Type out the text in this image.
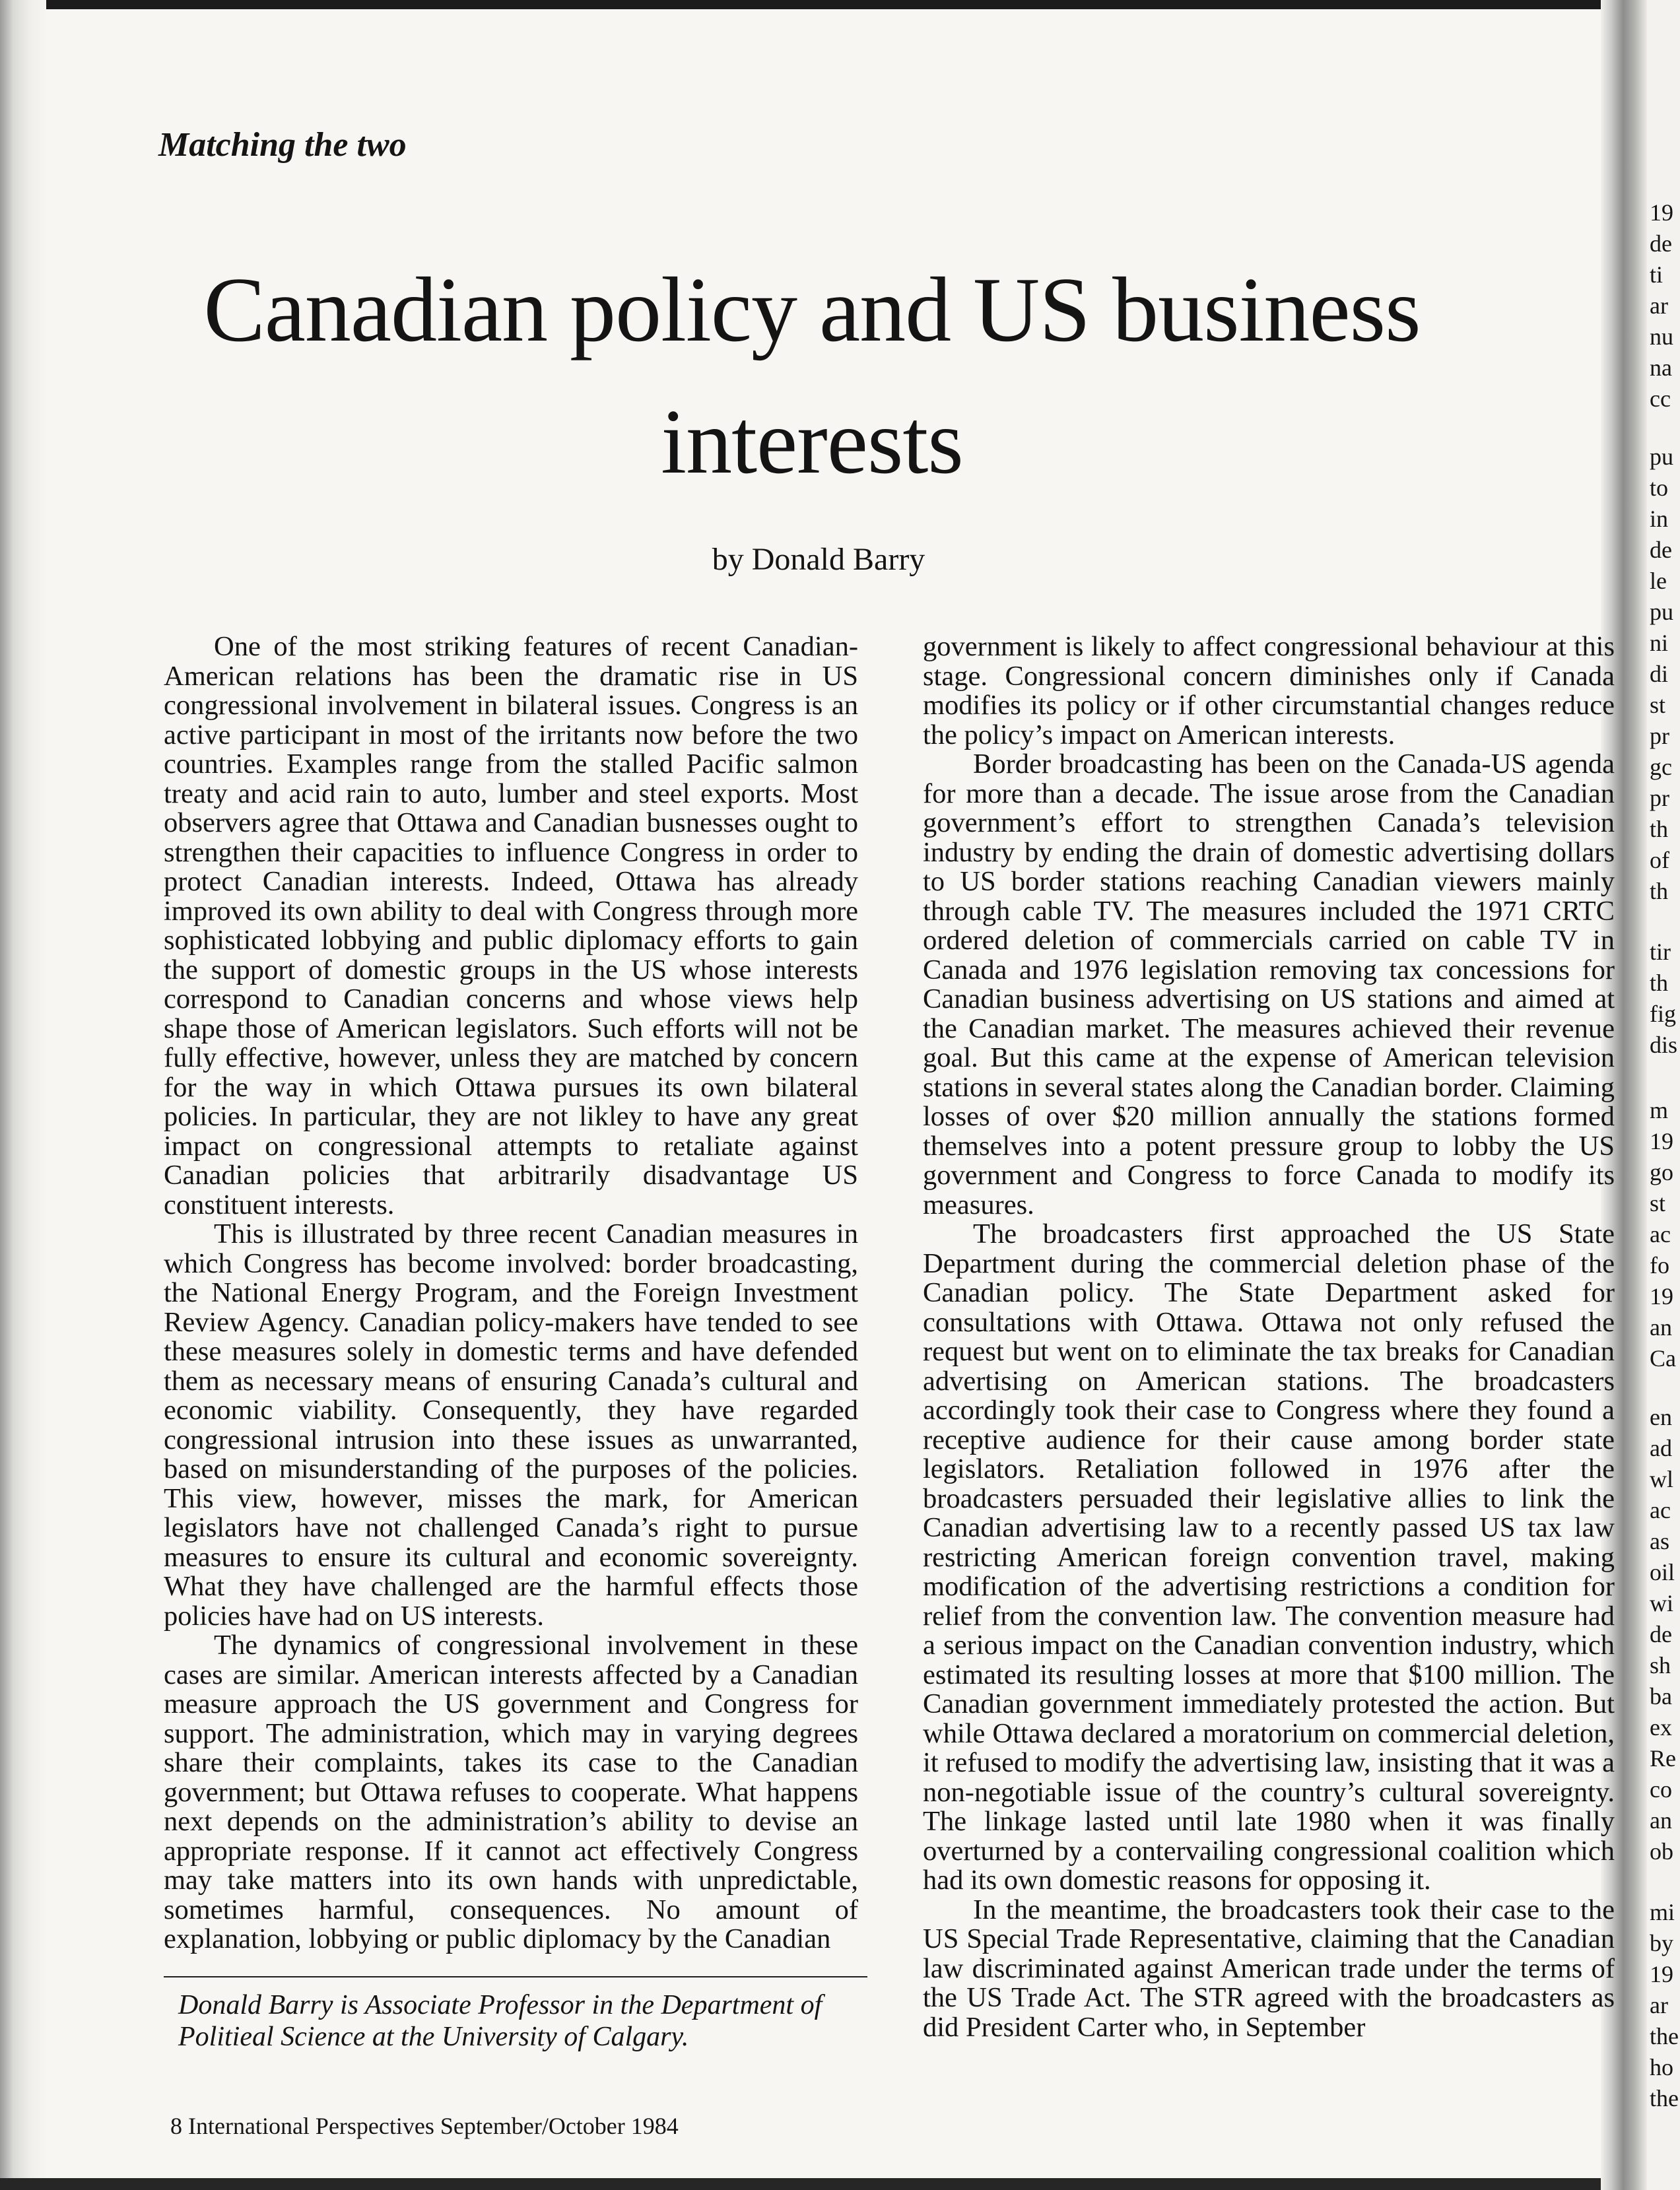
19
de
ti
ar
nu
na
cc
pu
to
in
de
le
pu
ni
di
st
pr
gc
pr
th
of
th
tir
th
fig
dis
m
19
go
st
ac
fo
19
an
Ca
en
ad
wl
ac
as
oil
wi
de
sh
ba
ex
Re
co
an
ob
mi
by
19
ar
the
ho
the

Matching the two

Canadian policy and US business interests

by Donald Barry

One of the most striking features of recent Canadian-American relations has been the dramatic rise in US congressional involvement in bilateral issues. Congress is an active participant in most of the irritants now before the two countries. Examples range from the stalled Pacific salmon treaty and acid rain to auto, lumber and steel exports. Most observers agree that Ottawa and Canadian busnesses ought to strengthen their capacities to influence Congress in order to protect Canadian interests. Indeed, Ottawa has already improved its own ability to deal with Congress through more sophisticated lobbying and public diplomacy efforts to gain the support of domestic groups in the US whose interests correspond to Canadian concerns and whose views help shape those of American legislators. Such efforts will not be fully effective, however, unless they are matched by concern for the way in which Ottawa pursues its own bilateral policies. In particular, they are not likley to have any great impact on congressional attempts to retaliate against Canadian policies that arbitrarily disadvantage US constituent interests.

This is illustrated by three recent Canadian measures in which Congress has become involved: border broadcasting, the National Energy Program, and the Foreign Investment Review Agency. Canadian policy-makers have tended to see these measures solely in domestic terms and have defended them as necessary means of ensuring Canada’s cultural and economic viability. Consequently, they have regarded congressional intrusion into these issues as unwarranted, based on misunderstanding of the purposes of the policies. This view, however, misses the mark, for American legislators have not challenged Canada’s right to pursue measures to ensure its cultural and economic sovereignty. What they have challenged are the harmful effects those policies have had on US interests.

The dynamics of congressional involvement in these cases are similar. American interests affected by a Canadian measure approach the US government and Congress for support. The administration, which may in varying degrees share their complaints, takes its case to the Canadian government; but Ottawa refuses to cooperate. What happens next depends on the administration’s ability to devise an appropriate response. If it cannot act effectively Congress may take matters into its own hands with unpredictable, sometimes harmful, consequences. No amount of explanation, lobbying or public diplomacy by the Canadian

government is likely to affect congressional behaviour at this stage. Congressional concern diminishes only if Canada modifies its policy or if other circumstantial changes reduce the policy’s impact on American interests.

Border broadcasting has been on the Canada-US agenda for more than a decade. The issue arose from the Canadian government’s effort to strengthen Canada’s television industry by ending the drain of domestic advertising dollars to US border stations reaching Canadian viewers mainly through cable TV. The measures included the 1971 CRTC ordered deletion of commercials carried on cable TV in Canada and 1976 legislation removing tax concessions for Canadian business advertising on US stations and aimed at the Canadian market. The measures achieved their revenue goal. But this came at the expense of American television stations in several states along the Canadian border. Claiming losses of over $20 million annually the stations formed themselves into a potent pressure group to lobby the US government and Congress to force Canada to modify its measures.

The broadcasters first approached the US State Department during the commercial deletion phase of the Canadian policy. The State Department asked for consultations with Ottawa. Ottawa not only refused the request but went on to eliminate the tax breaks for Canadian advertising on American stations. The broadcasters accordingly took their case to Congress where they found a receptive audience for their cause among border state legislators. Retaliation followed in 1976 after the broadcasters persuaded their legislative allies to link the Canadian advertising law to a recently passed US tax law restricting American foreign convention travel, making modification of the advertising restrictions a condition for relief from the convention law. The convention measure had a serious impact on the Canadian convention industry, which estimated its resulting losses at more that $100 million. The Canadian government immediately protested the action. But while Ottawa declared a moratorium on commercial deletion, it refused to modify the advertising law, insisting that it was a non-negotiable issue of the country’s cultural sovereignty. The linkage lasted until late 1980 when it was finally overturned by a contervailing congressional coalition which had its own domestic reasons for opposing it.

In the meantime, the broadcasters took their case to the US Special Trade Representative, claiming that the Canadian law discriminated against American trade under the terms of the US Trade Act. The STR agreed with the broadcasters as did President Carter who, in September

Donald Barry is Associate Professor in the Department of Politieal Science at the University of Calgary.

8 International Perspectives September/October 1984
